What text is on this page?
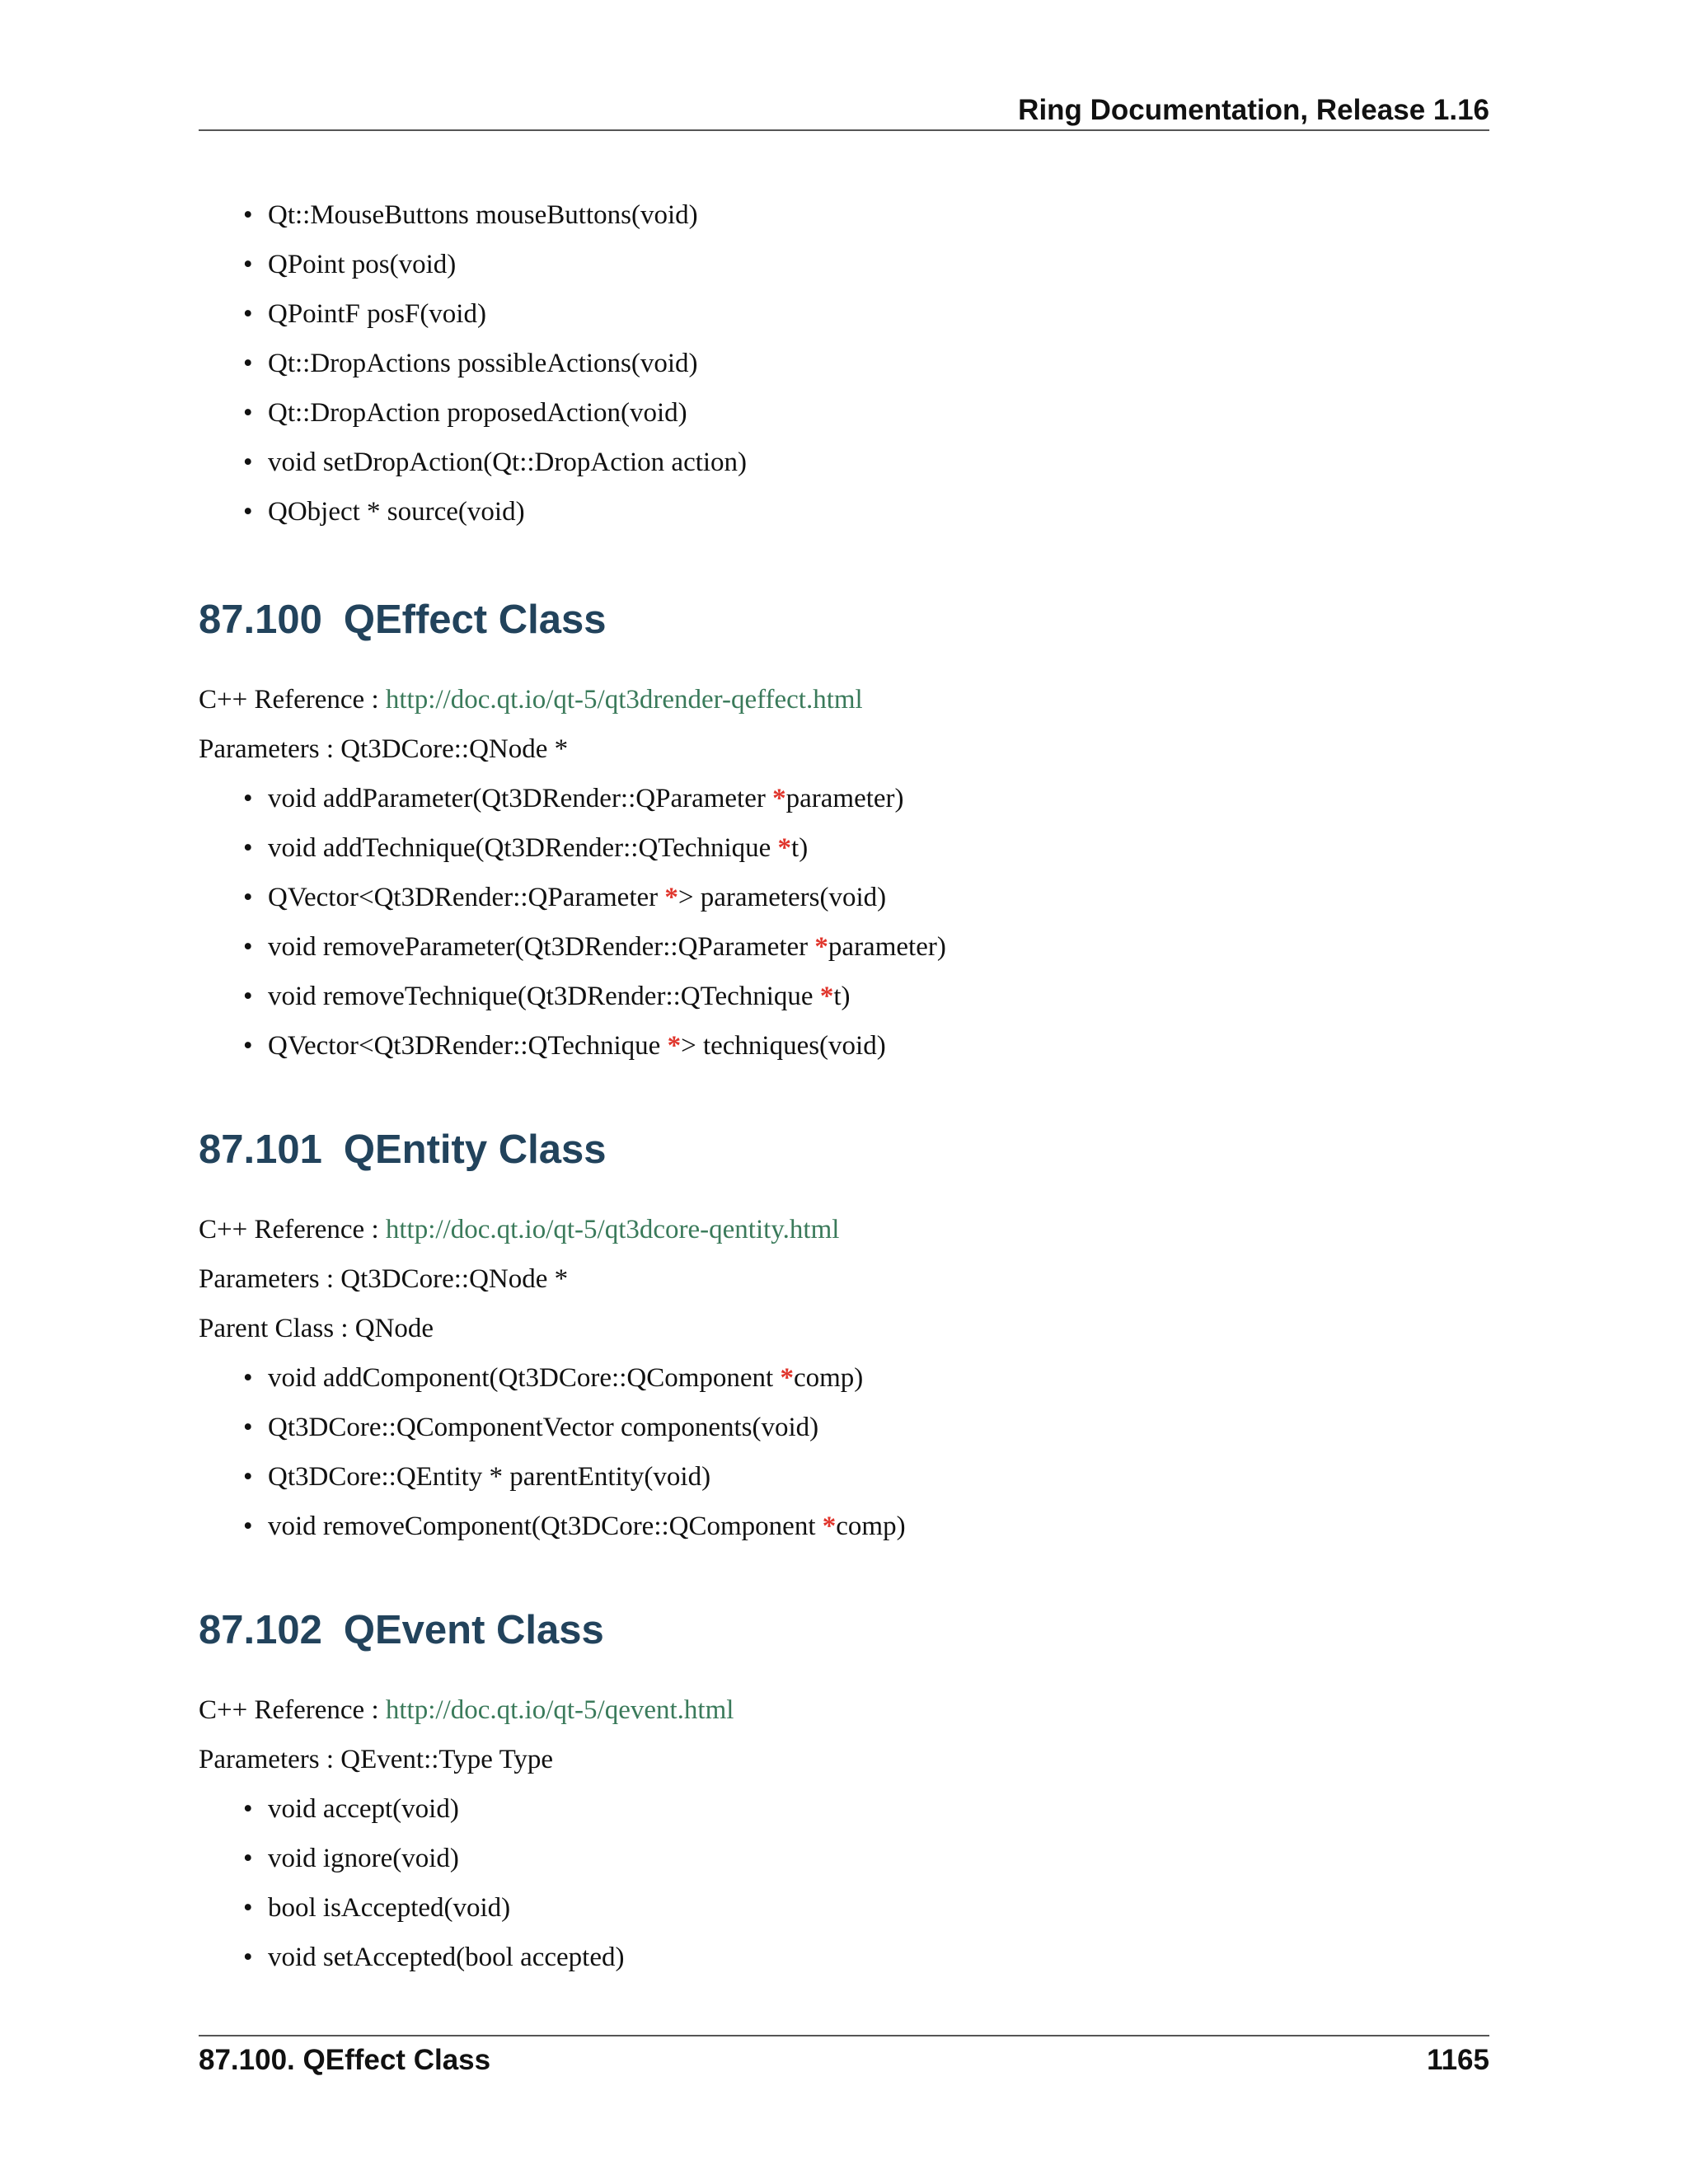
Ring Documentation, Release 1.16
• Qt::MouseButtons mouseButtons(void)
• QPoint pos(void)
• QPointF posF(void)
• Qt::DropActions possibleActions(void)
• Qt::DropAction proposedAction(void)
• void setDropAction(Qt::DropAction action)
• QObject * source(void)
87.100 QEffect Class

C++ Reference : http://doc.qt.io/qt-5/qt3drender-qeffect.html

Parameters : Qt3DCore::QNode *

• void addParameter(Qt3DRender::QParameter *parameter)
• void addTechnique(Qt3DRender::QTechnique *t)
• QVector<Qt3DRender::QParameter *> parameters(void)
• void removeParameter(Qt3DRender::QParameter *parameter)
• void removeTechnique(Qt3DRender::QTechnique *t)
• QVector<Qt3DRender::QTechnique *> techniques(void)
87.101 QEntity Class

C++ Reference : http://doc.qt.io/qt-5/qt3dcore-qentity.html

Parameters : Qt3DCore::QNode *

Parent Class : QNode

• void addComponent(Qt3DCore::QComponent *comp)
• Qt3DCore::QComponentVector components(void)
• Qt3DCore::QEntity * parentEntity(void)
• void removeComponent(Qt3DCore::QComponent *comp)
87.102 QEvent Class

C++ Reference : http://doc.qt.io/qt-5/qevent.html

Parameters : QEvent::Type Type

• void accept(void)
• void ignore(void)
• bool isAccepted(void)
• void setAccepted(bool accepted)
87.100. QEffect Class	1165
